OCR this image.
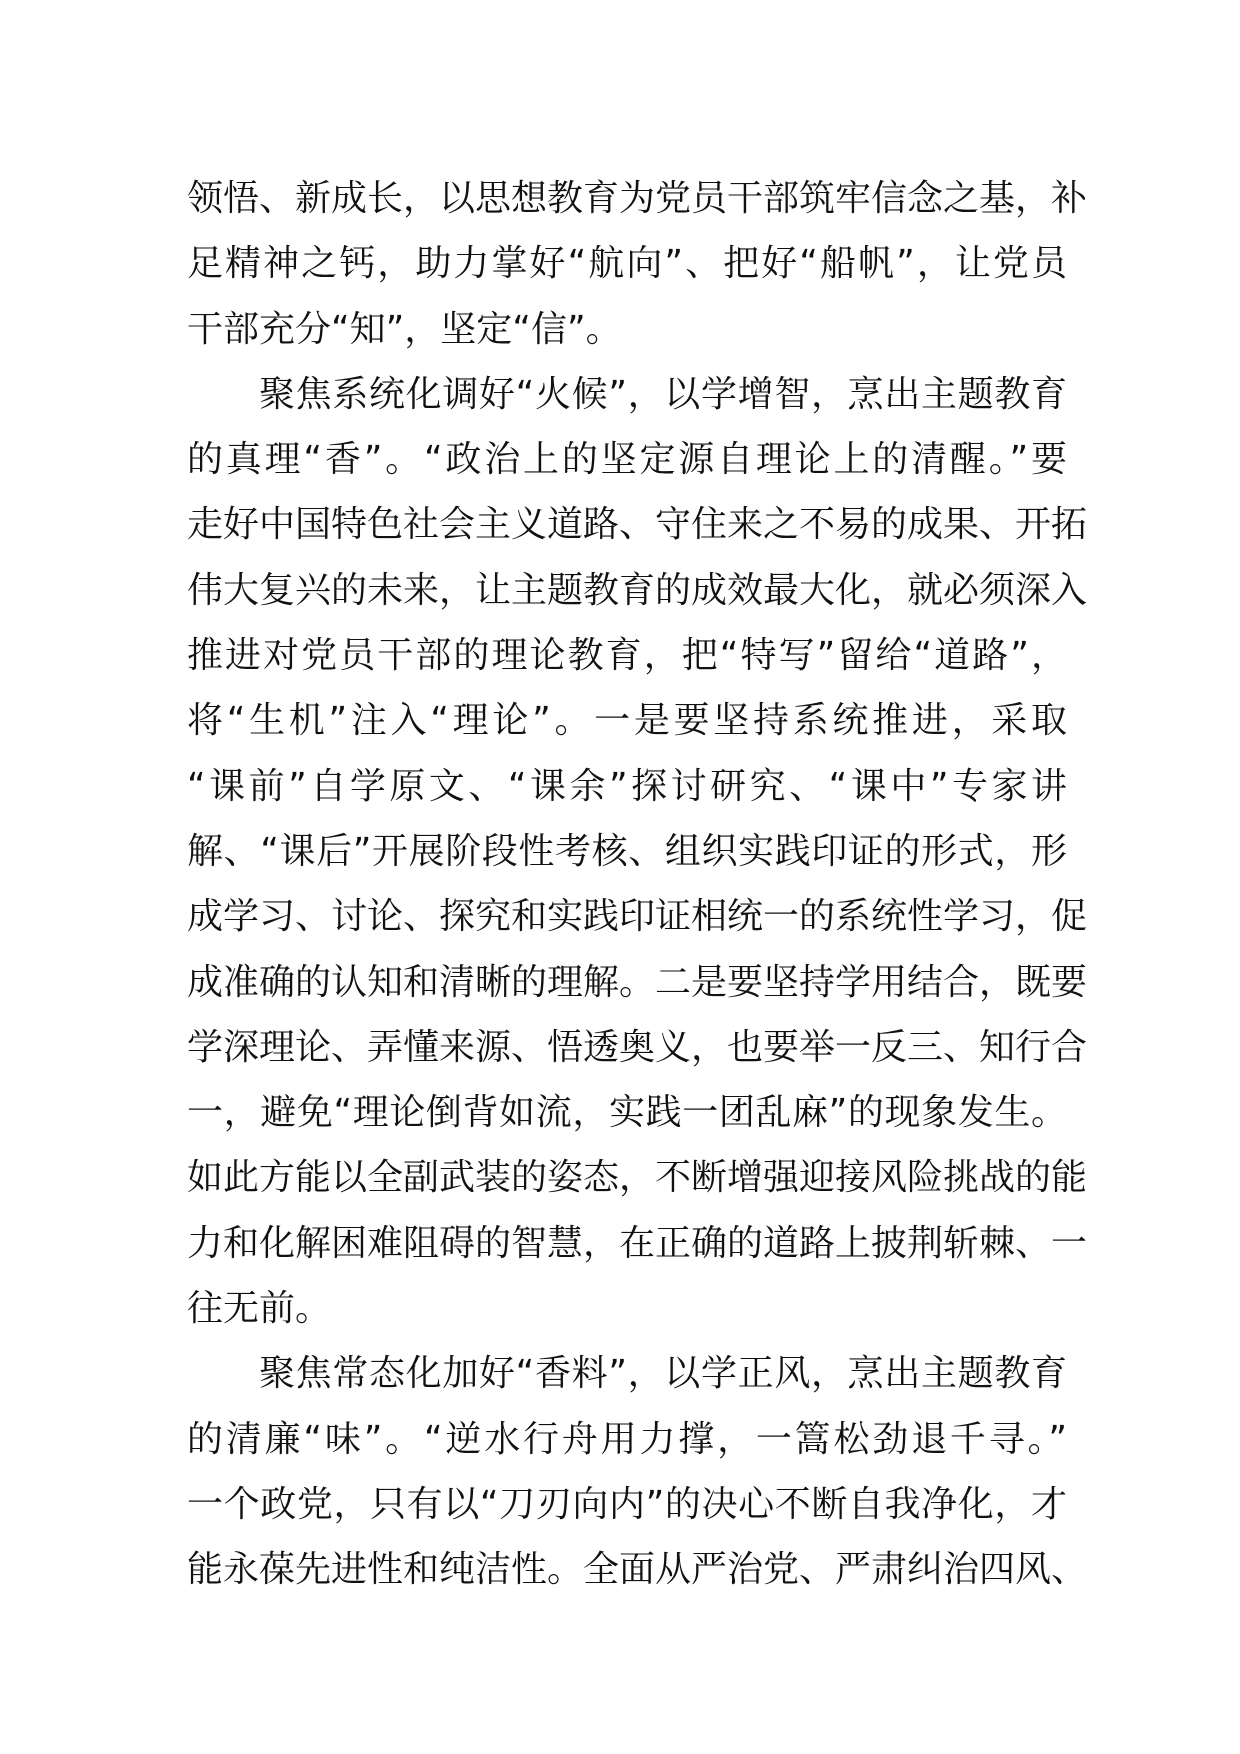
领悟、新成长，以思想教育为党员干部筑牢信念之基，补
足精神之钙，助力掌好“航向”、把好“船帆”，让党员
干部充分“知”，坚定“信”。
聚焦系统化调好“火候”，以学增智，烹出主题教育
的真理“香”。“政治上的坚定源自理论上的清醒。”要
走好中国特色社会主义道路、守住来之不易的成果、开拓
伟大复兴的未来，让主题教育的成效最大化，就必须深入
推进对党员干部的理论教育，把“特写”留给“道路”，
将“生机”注入“理论”。一是要坚持系统推进，采取
“课前”自学原文、“课余”探讨研究、“课中”专家讲
解、“课后”开展阶段性考核、组织实践印证的形式，形
成学习、讨论、探究和实践印证相统一的系统性学习，促
成准确的认知和清晰的理解。二是要坚持学用结合，既要
学深理论、弄懂来源、悟透奥义，也要举一反三、知行合
一，避免“理论倒背如流，实践一团乱麻”的现象发生。
如此方能以全副武装的姿态，不断增强迎接风险挑战的能
力和化解困难阻碍的智慧，在正确的道路上披荆斩棘、一
往无前。
聚焦常态化加好“香料”，以学正风，烹出主题教育
的清廉“味”。“逆水行舟用力撑，一篙松劲退千寻。”
一个政党，只有以“刀刃向内”的决心不断自我净化，才
能永葆先进性和纯洁性。全面从严治党、严肃纠治四风、
